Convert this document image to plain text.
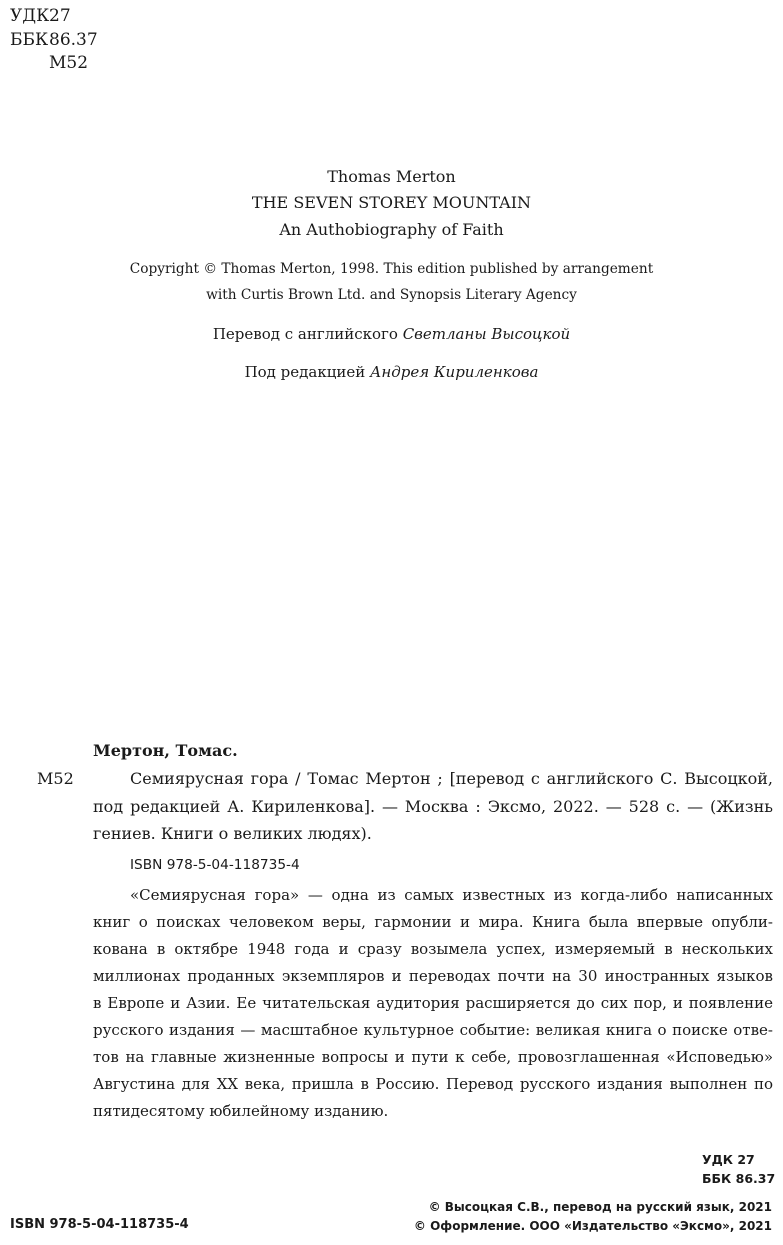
УДК27
ББК86.37
М52
Thomas Merton
THE SEVEN STOREY MOUNTAIN
An Authobiography of Faith
Copyright © Thomas Merton, 1998. This edition published by arrangement
with Curtis Brown Ltd. and Synopsis Literary Agency
Перевод с английского Светланы Высоцкой
Под редакцией Андрея Кириленкова
Мертон, Томас.
М52	Семиярусная гора / Томас Мертон ; [перевод с английского С. Высоцкой,
под редакцией А. Кириленкова]. — Москва : Эксмо, 2022. — 528 с. — (Жизнь
гениев. Книги о великих людях).
ISBN 978-5-04-118735-4
«Семиярусная гора» — одна из самых известных из когда-либо написанных
книг о поисках человеком веры, гармонии и мира. Книга была впервые опубли-
кована в октябре 1948 года и сразу возымела успех, измеряемый в нескольких
миллионах проданных экземпляров и переводах почти на 30 иностранных языков
в Европе и Азии. Ее читательская аудитория расширяется до сих пор, и появление
русского издания — масштабное культурное событие: великая книга о поиске отве-
тов на главные жизненные вопросы и пути к себе, провозглашенная «Исповедью»
Августина для XX века, пришла в Россию. Перевод русского издания выполнен по
пятидесятому юбилейному изданию.
УДК 27
ББК 86.37
ISBN 978-5-04-118735-4
© Высоцкая С.В., перевод на русский язык, 2021
© Оформление. ООО «Издательство «Эксмо», 2021
